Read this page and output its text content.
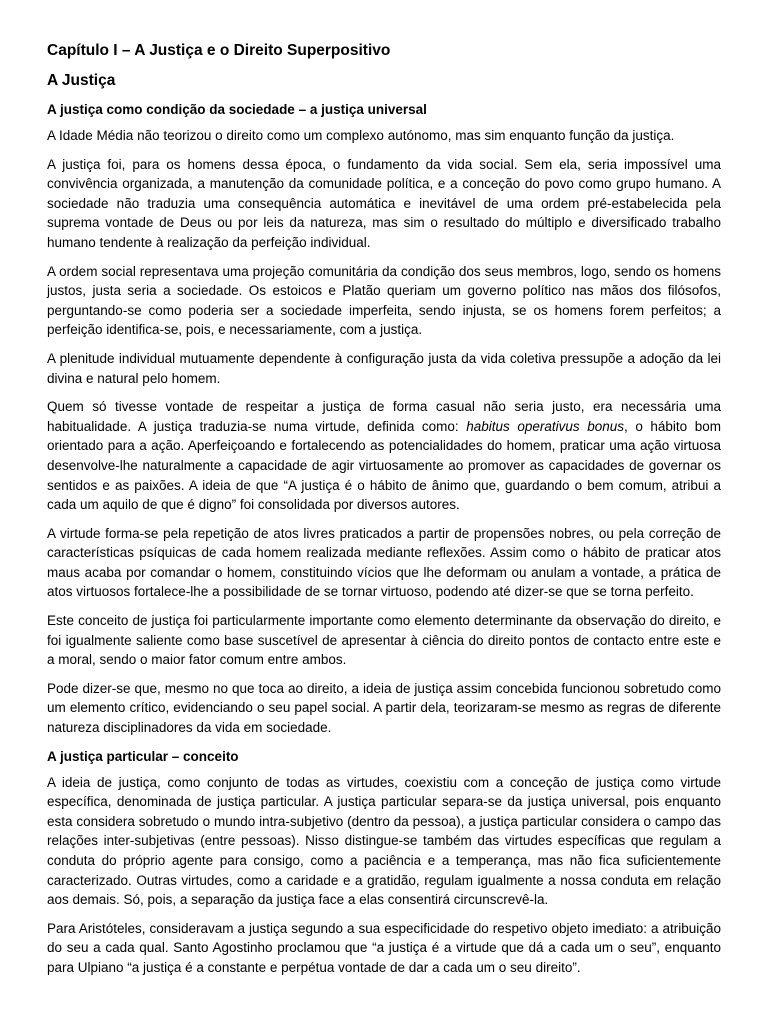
Capítulo I – A Justiça e o Direito Superpositivo
A Justiça
A justiça como condição da sociedade – a justiça universal

A Idade Média não teorizou o direito como um complexo autónomo, mas sim enquanto função da justiça.

A justiça foi, para os homens dessa época, o fundamento da vida social. Sem ela, seria impossível uma convivência organizada, a manutenção da comunidade política, e a conceção do povo como grupo humano. A sociedade não traduzia uma consequência automática e inevitável de uma ordem pré-estabelecida pela suprema vontade de Deus ou por leis da natureza, mas sim o resultado do múltiplo e diversificado trabalho humano tendente à realização da perfeição individual.

A ordem social representava uma projeção comunitária da condição dos seus membros, logo, sendo os homens justos, justa seria a sociedade. Os estoicos e Platão queriam um governo político nas mãos dos filósofos, perguntando-se como poderia ser a sociedade imperfeita, sendo injusta, se os homens forem perfeitos; a perfeição identifica-se, pois, e necessariamente, com a justiça.

A plenitude individual mutuamente dependente à configuração justa da vida coletiva pressupõe a adoção da lei divina e natural pelo homem.

Quem só tivesse vontade de respeitar a justiça de forma casual não seria justo, era necessária uma habitualidade. A justiça traduzia-se numa virtude, definida como: habitus operativus bonus, o hábito bom orientado para a ação. Aperfeiçoando e fortalecendo as potencialidades do homem, praticar uma ação virtuosa desenvolve-lhe naturalmente a capacidade de agir virtuosamente ao promover as capacidades de governar os sentidos e as paixões. A ideia de que “A justiça é o hábito de ânimo que, guardando o bem comum, atribui a cada um aquilo de que é digno” foi consolidada por diversos autores.

A virtude forma-se pela repetição de atos livres praticados a partir de propensões nobres, ou pela correção de características psíquicas de cada homem realizada mediante reflexões. Assim como o hábito de praticar atos maus acaba por comandar o homem, constituindo vícios que lhe deformam ou anulam a vontade, a prática de atos virtuosos fortalece-lhe a possibilidade de se tornar virtuoso, podendo até dizer-se que se torna perfeito.

Este conceito de justiça foi particularmente importante como elemento determinante da observação do direito, e foi igualmente saliente como base suscetível de apresentar à ciência do direito pontos de contacto entre este e a moral, sendo o maior fator comum entre ambos.

Pode dizer-se que, mesmo no que toca ao direito, a ideia de justiça assim concebida funcionou sobretudo como um elemento crítico, evidenciando o seu papel social. A partir dela, teorizaram-se mesmo as regras de diferente natureza disciplinadores da vida em sociedade.

A justiça particular – conceito

A ideia de justiça, como conjunto de todas as virtudes, coexistiu com a conceção de justiça como virtude específica, denominada de justiça particular. A justiça particular separa-se da justiça universal, pois enquanto esta considera sobretudo o mundo intra-subjetivo (dentro da pessoa), a justiça particular considera o campo das relações inter-subjetivas (entre pessoas). Nisso distingue-se também das virtudes específicas que regulam a conduta do próprio agente para consigo, como a paciência e a temperança, mas não fica suficientemente caracterizado. Outras virtudes, como a caridade e a gratidão, regulam igualmente a nossa conduta em relação aos demais. Só, pois, a separação da justiça face a elas consentirá circunscrevê-la.

Para Aristóteles, consideravam a justiça segundo a sua especificidade do respetivo objeto imediato: a atribuição do seu a cada qual. Santo Agostinho proclamou que “a justiça é a virtude que dá a cada um o seu”, enquanto para Ulpiano “a justiça é a constante e perpétua vontade de dar a cada um o seu direito”.
